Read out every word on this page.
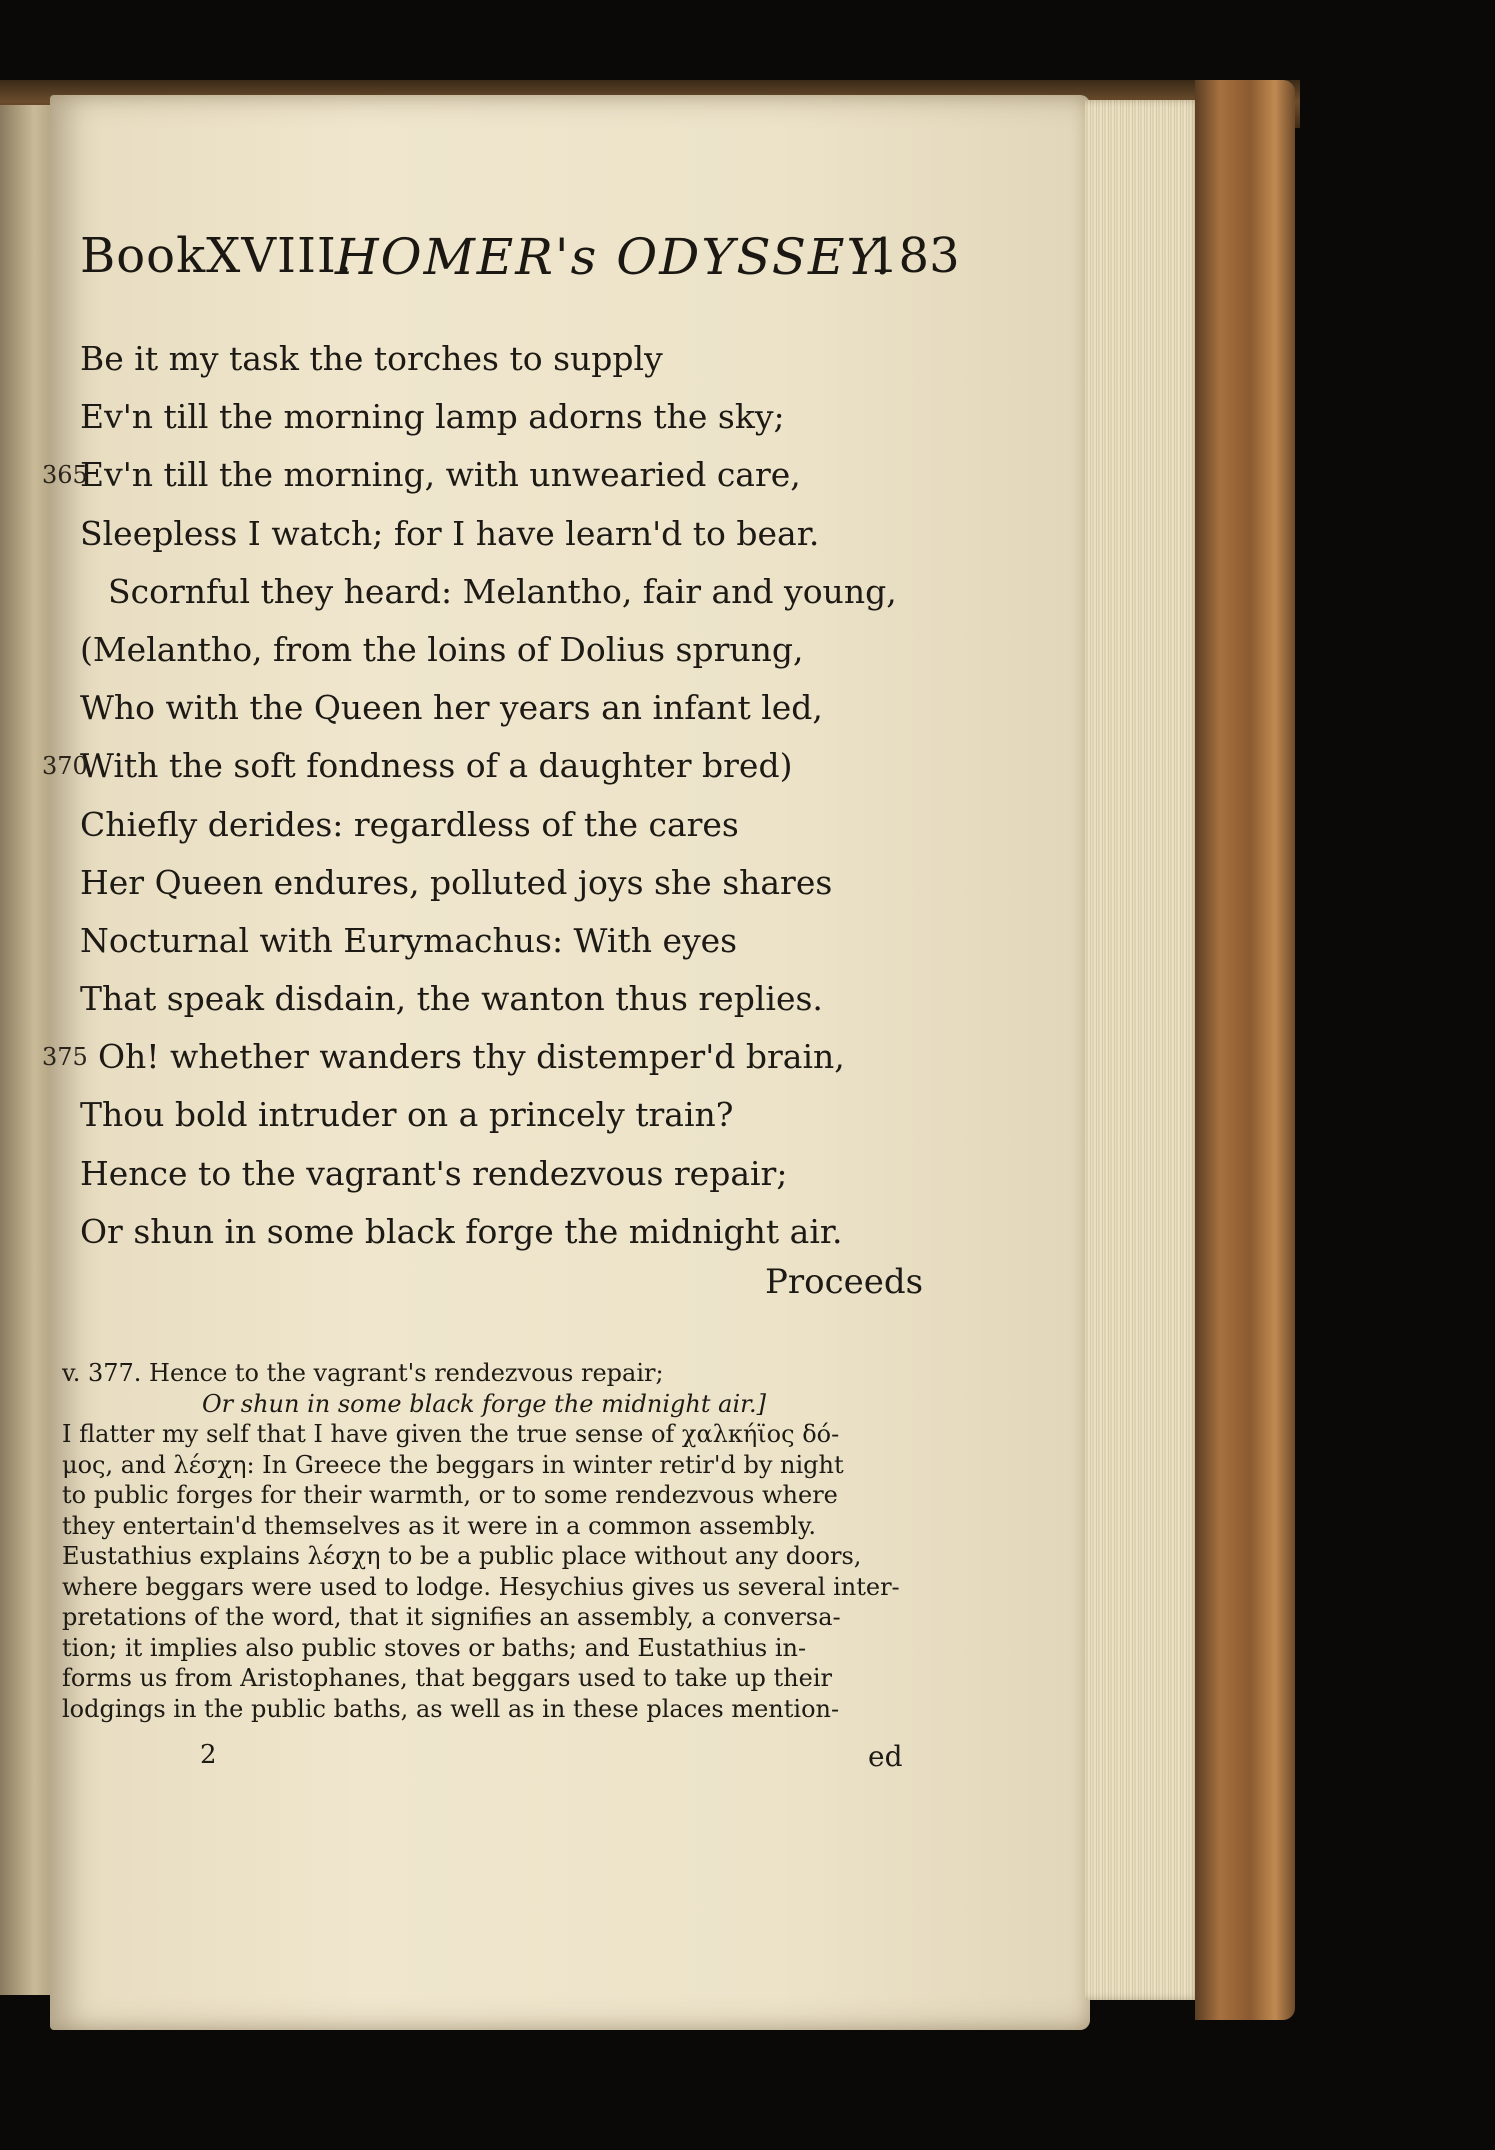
BookXVIII.
HOMER's ODYSSEY.
183
Be it my task the torches to supply
Ev'n till the morning lamp adorns the sky;
365
Ev'n till the morning, with unwearied care,
Sleepless I watch; for I have learn'd to bear.
Scornful they heard: Melantho, fair and young,
(Melantho, from the loins of Dolius sprung,
Who with the Queen her years an infant led,
370
With the soft fondness of a daughter bred)
Chiefly derides: regardless of the cares
Her Queen endures, polluted joys she shares
Nocturnal with Eurymachus: With eyes
That speak disdain, the wanton thus replies.
375 Oh! whether wanders thy distemper'd brain,
Thou bold intruder on a princely train?
Hence to the vagrant's rendezvous repair;
Or shun in some black forge the midnight air.
Proceeds
v. 377. Hence to the vagrant's rendezvous repair;
Or shun in some black forge the midnight air.]
I flatter my self that I have given the true sense of χαλκήϊος δό-
μος, and λέσχη: In Greece the beggars in winter retir'd by night
to public forges for their warmth, or to some rendezvous where
they entertain'd themselves as it were in a common assembly.
Eustathius explains λέσχη to be a public place without any doors,
where beggars were used to lodge. Hesychius gives us several inter-
pretations of the word, that it signifies an assembly, a conversa-
tion; it implies also public stoves or baths; and Eustathius in-
forms us from Aristophanes, that beggars used to take up their
lodgings in the public baths, as well as in these places mention-
2	ed
